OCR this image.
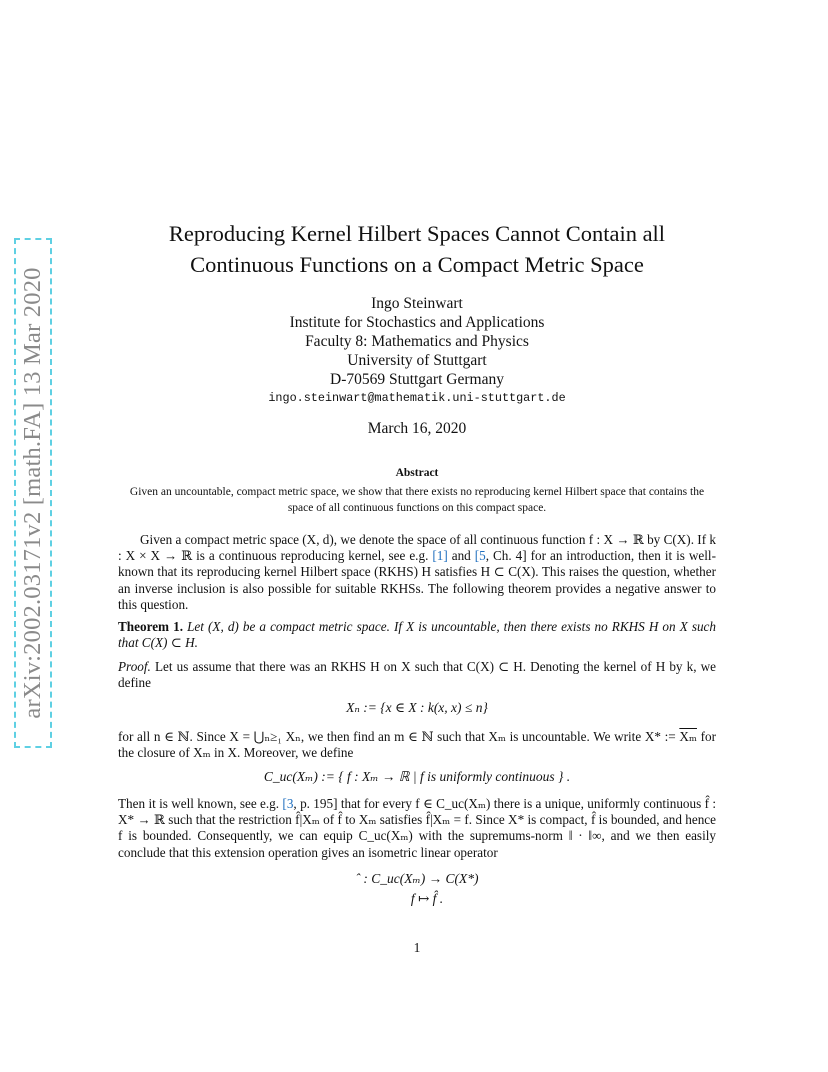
arXiv:2002.03171v2 [math.FA] 13 Mar 2020
Reproducing Kernel Hilbert Spaces Cannot Contain all Continuous Functions on a Compact Metric Space
Ingo Steinwart
Institute for Stochastics and Applications
Faculty 8: Mathematics and Physics
University of Stuttgart
D-70569 Stuttgart Germany
ingo.steinwart@mathematik.uni-stuttgart.de
March 16, 2020
Abstract
Given an uncountable, compact metric space, we show that there exists no reproducing kernel Hilbert space that contains the space of all continuous functions on this compact space.
Given a compact metric space (X, d), we denote the space of all continuous function f : X → ℝ by C(X). If k : X × X → ℝ is a continuous reproducing kernel, see e.g. [1] and [5, Ch. 4] for an introduction, then it is well-known that its reproducing kernel Hilbert space (RKHS) H satisfies H ⊂ C(X). This raises the question, whether an inverse inclusion is also possible for suitable RKHSs. The following theorem provides a negative answer to this question.
Theorem 1. Let (X, d) be a compact metric space. If X is uncountable, then there exists no RKHS H on X such that C(X) ⊂ H.
Proof. Let us assume that there was an RKHS H on X such that C(X) ⊂ H. Denoting the kernel of H by k, we define
Xₙ := {x ∈ X : k(x, x) ≤ n}
for all n ∈ ℕ. Since X = ⋃ₙ≥₁ Xₙ, we then find an m ∈ ℕ such that Xₘ is uncountable. We write X* := $\overline{X_m}$ for the closure of Xₘ in X. Moreover, we define
C_uc(Xₘ) := { f : Xₘ → ℝ | f is uniformly continuous } .
Then it is well known, see e.g. [3, p. 195] that for every f ∈ C_uc(Xₘ) there is a unique, uniformly continuous f̂ : X* → ℝ such that the restriction f̂|Xₘ of f̂ to Xₘ satisfies f̂|Xₘ = f. Since X* is compact, f̂ is bounded, and hence f is bounded. Consequently, we can equip C_uc(Xₘ) with the supremums-norm ‖ · ‖∞, and we then easily conclude that this extension operation gives an isometric linear operator
ˆ : C_uc(Xₘ) → C(X*)
f ↦ f̂ .
1
